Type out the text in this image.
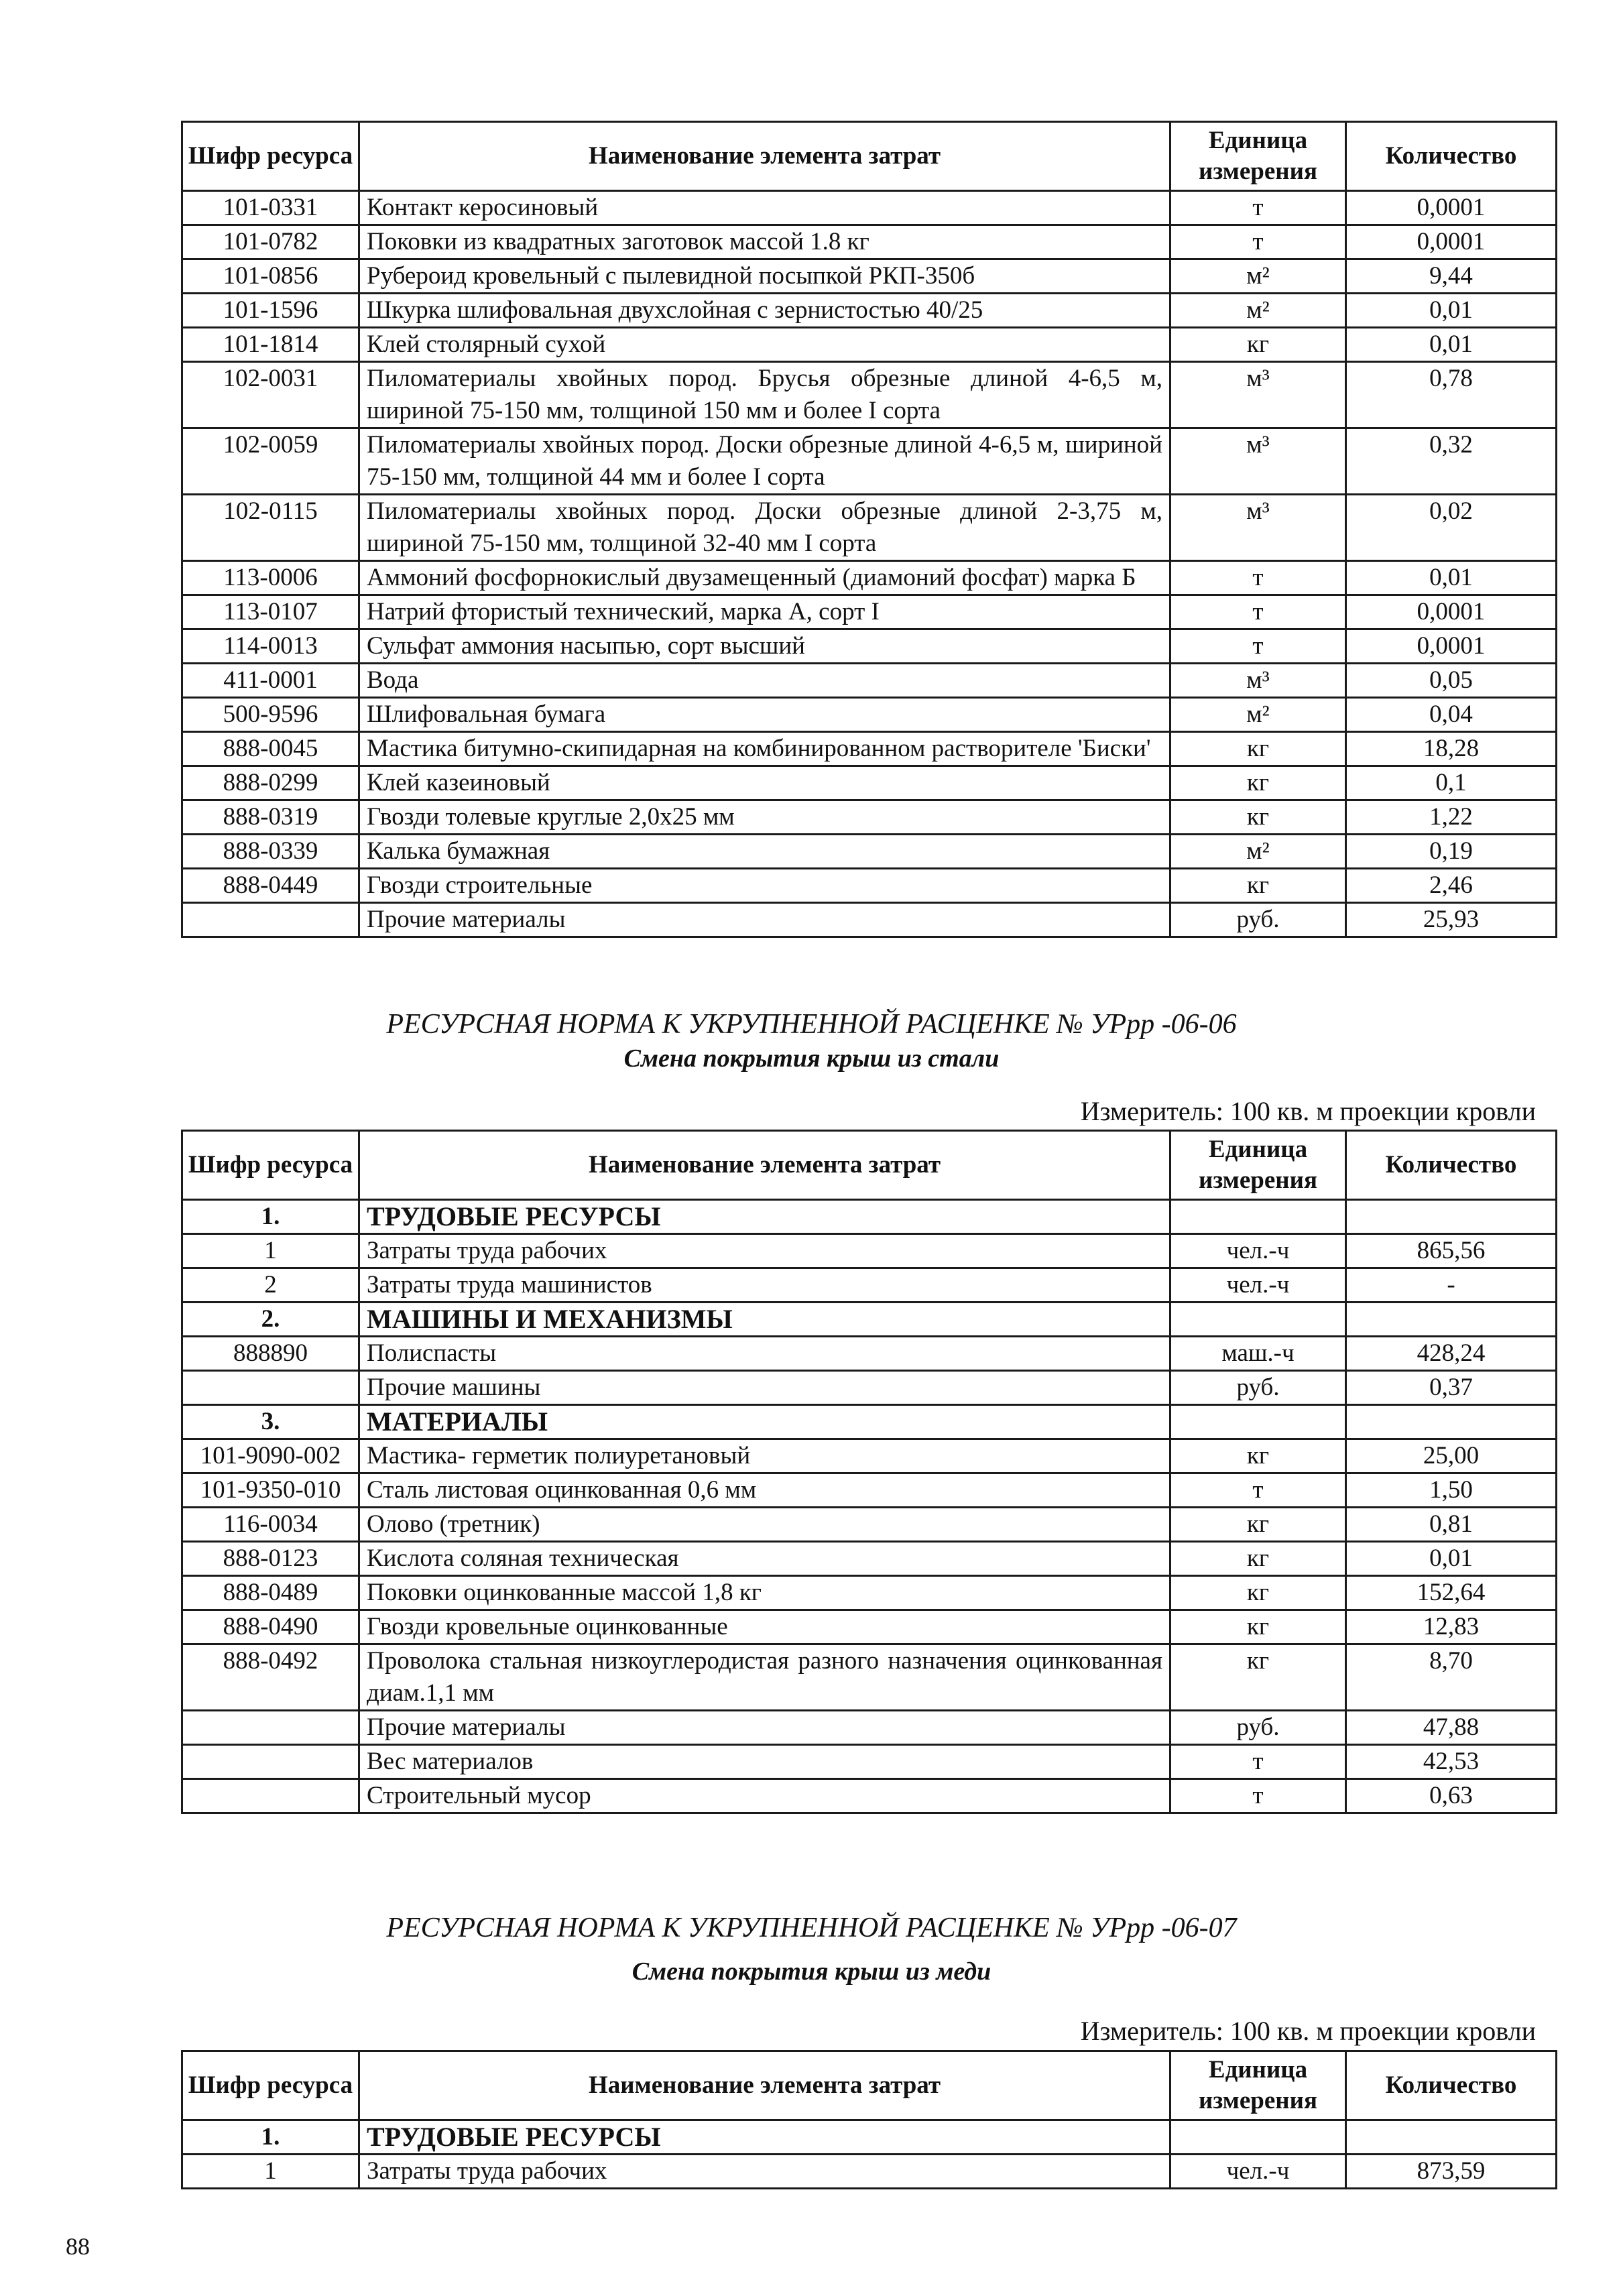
Шифр ресурса	Наименование элемента затрат	Единица измерения	Количество
101-0331	Контакт керосиновый	т	0,0001
101-0782	Поковки из квадратных заготовок массой 1.8 кг	т	0,0001
101-0856	Рубероид кровельный с пылевидной посыпкой РКП-350б	м²	9,44
101-1596	Шкурка шлифовальная двухслойная с зернистостью 40/25	м²	0,01
101-1814	Клей столярный сухой	кг	0,01
102-0031	Пиломатериалы хвойных пород. Брусья обрезные длиной 4-6,5 м, шириной 75-150 мм, толщиной 150 мм и более I сорта	м³	0,78
102-0059	Пиломатериалы хвойных пород. Доски обрезные длиной 4-6,5 м, шириной 75-150 мм, толщиной 44 мм и более I сорта	м³	0,32
102-0115	Пиломатериалы хвойных пород. Доски обрезные длиной 2-3,75 м, шириной 75-150 мм, толщиной 32-40 мм I сорта	м³	0,02
113-0006	Аммоний фосфорнокислый двузамещенный (диамоний фосфат) марка Б	т	0,01
113-0107	Натрий фтористый технический, марка А, сорт I	т	0,0001
114-0013	Сульфат аммония насыпью, сорт высший	т	0,0001
411-0001	Вода	м³	0,05
500-9596	Шлифовальная бумага	м²	0,04
888-0045	Мастика битумно-скипидарная на комбинированном растворителе 'Биски'	кг	18,28
888-0299	Клей казеиновый	кг	0,1
888-0319	Гвозди толевые круглые 2,0x25 мм	кг	1,22
888-0339	Калька бумажная	м²	0,19
888-0449	Гвозди строительные	кг	2,46
	Прочие материалы	руб.	25,93
РЕСУРСНАЯ НОРМА К УКРУПНЕННОЙ РАСЦЕНКЕ № УРрр -06-06
Смена покрытия крыш из стали
Измеритель: 100 кв. м проекции кровли
Шифр ресурса	Наименование элемента затрат	Единица измерения	Количество
1.	ТРУДОВЫЕ РЕСУРСЫ		
1	Затраты труда рабочих	чел.-ч	865,56
2	Затраты труда машинистов	чел.-ч	-
2.	МАШИНЫ И МЕХАНИЗМЫ		
888890	Полиспасты	маш.-ч	428,24
	Прочие машины	руб.	0,37
3.	МАТЕРИАЛЫ		
101-9090-002	Мастика- герметик полиуретановый	кг	25,00
101-9350-010	Сталь листовая оцинкованная 0,6 мм	т	1,50
116-0034	Олово (третник)	кг	0,81
888-0123	Кислота соляная техническая	кг	0,01
888-0489	Поковки оцинкованные массой 1,8 кг	кг	152,64
888-0490	Гвозди кровельные оцинкованные	кг	12,83
888-0492	Проволока стальная низкоуглеродистая разного назначения оцинкованная диам.1,1 мм	кг	8,70
	Прочие материалы	руб.	47,88
	Вес материалов	т	42,53
	Строительный мусор	т	0,63
РЕСУРСНАЯ НОРМА К УКРУПНЕННОЙ РАСЦЕНКЕ № УРрр -06-07
Смена покрытия крыш из меди
Измеритель: 100 кв. м проекции кровли
Шифр ресурса	Наименование элемента затрат	Единица измерения	Количество
1.	ТРУДОВЫЕ РЕСУРСЫ		
1	Затраты труда рабочих	чел.-ч	873,59
88
